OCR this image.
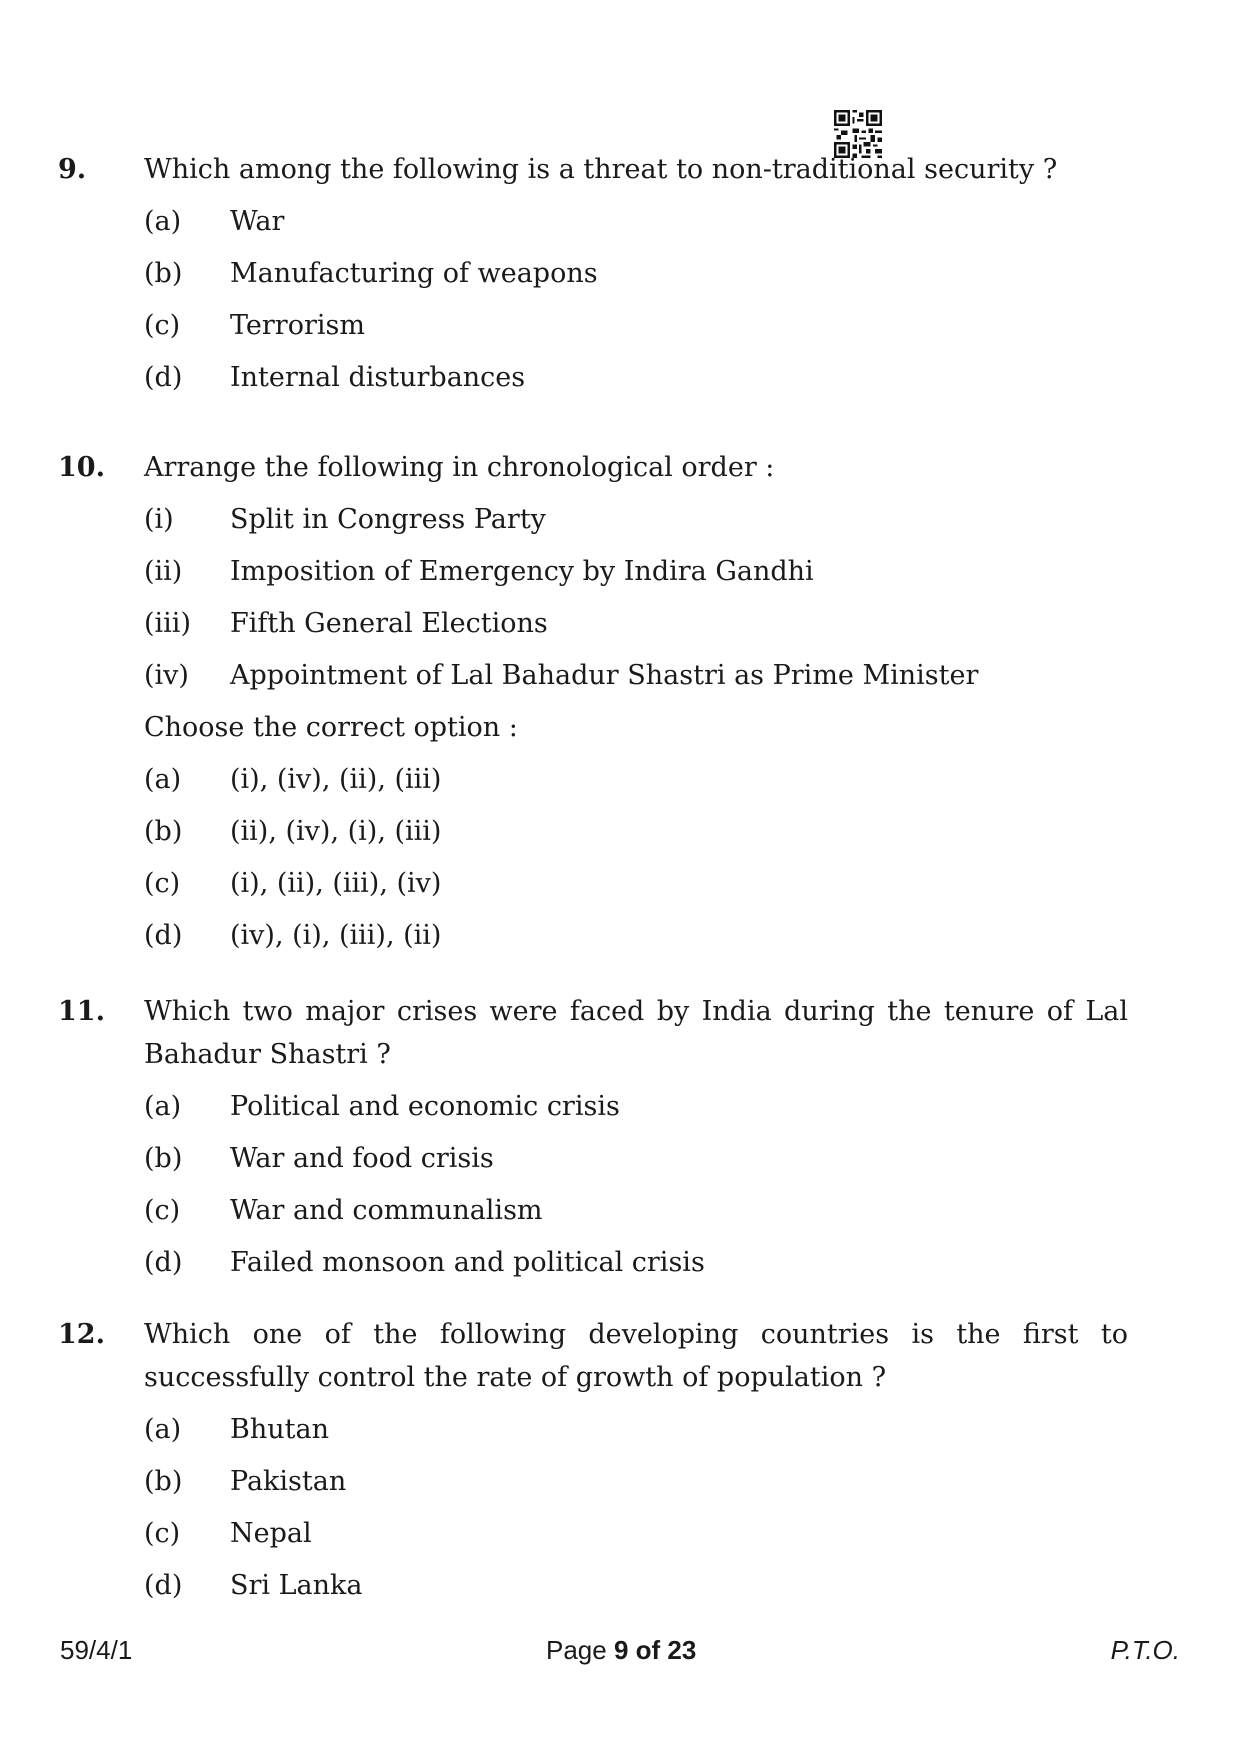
9.	Which among the following is a threat to non-traditional security ?
(a)	War
(b)	Manufacturing of weapons
(c)	Terrorism
(d)	Internal disturbances
10.	Arrange the following in chronological order :
(i)	Split in Congress Party
(ii)	Imposition of Emergency by Indira Gandhi
(iii)	Fifth General Elections
(iv)	Appointment of Lal Bahadur Shastri as Prime Minister
Choose the correct option :
(a)	(i), (iv), (ii), (iii)
(b)	(ii), (iv), (i), (iii)
(c)	(i), (ii), (iii), (iv)
(d)	(iv), (i), (iii), (ii)
11.	Which two major crises were faced by India during the tenure of Lal Bahadur Shastri ?
(a)	Political and economic crisis
(b)	War and food crisis
(c)	War and communalism
(d)	Failed monsoon and political crisis
12.	Which one of the following developing countries is the first to successfully control the rate of growth of population ?
(a)	Bhutan
(b)	Pakistan
(c)	Nepal
(d)	Sri Lanka
59/4/1	Page 9 of 23	P.T.O.
